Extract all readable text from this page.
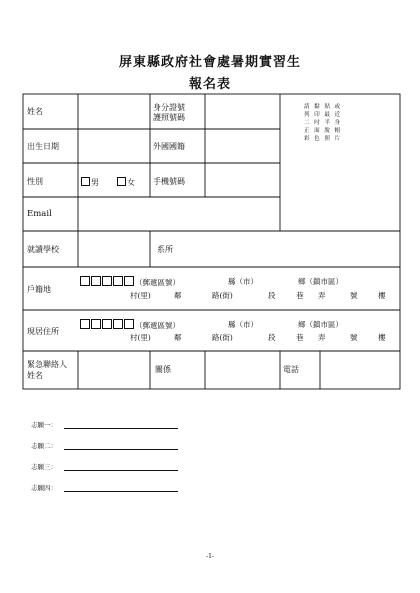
屏東縣政府社會處暑期實習生
報名表
姓名	身分證號
護照號碼
請 黏 貼 或
列 印 最 近
二 吋 半 身
正 面 脫 帽
彩 色 照 片
出生日期	外國國籍
性別	男	女 手機號碼
Email
就讀學校	系所
戶籍地
（郵遞區號）	縣（市）	鄉（鎮市區）
村(里)	鄰	路(街)	段	巷 弄	號	樓
現居住所
（郵遞區號）	縣（市）	鄉（鎮市區）
村(里)	鄰	路(街)	段	巷 弄	號	樓
緊急聯絡人
姓名
關係	電話
志願一：
志願二：
志願三：
志願四：
-1-
